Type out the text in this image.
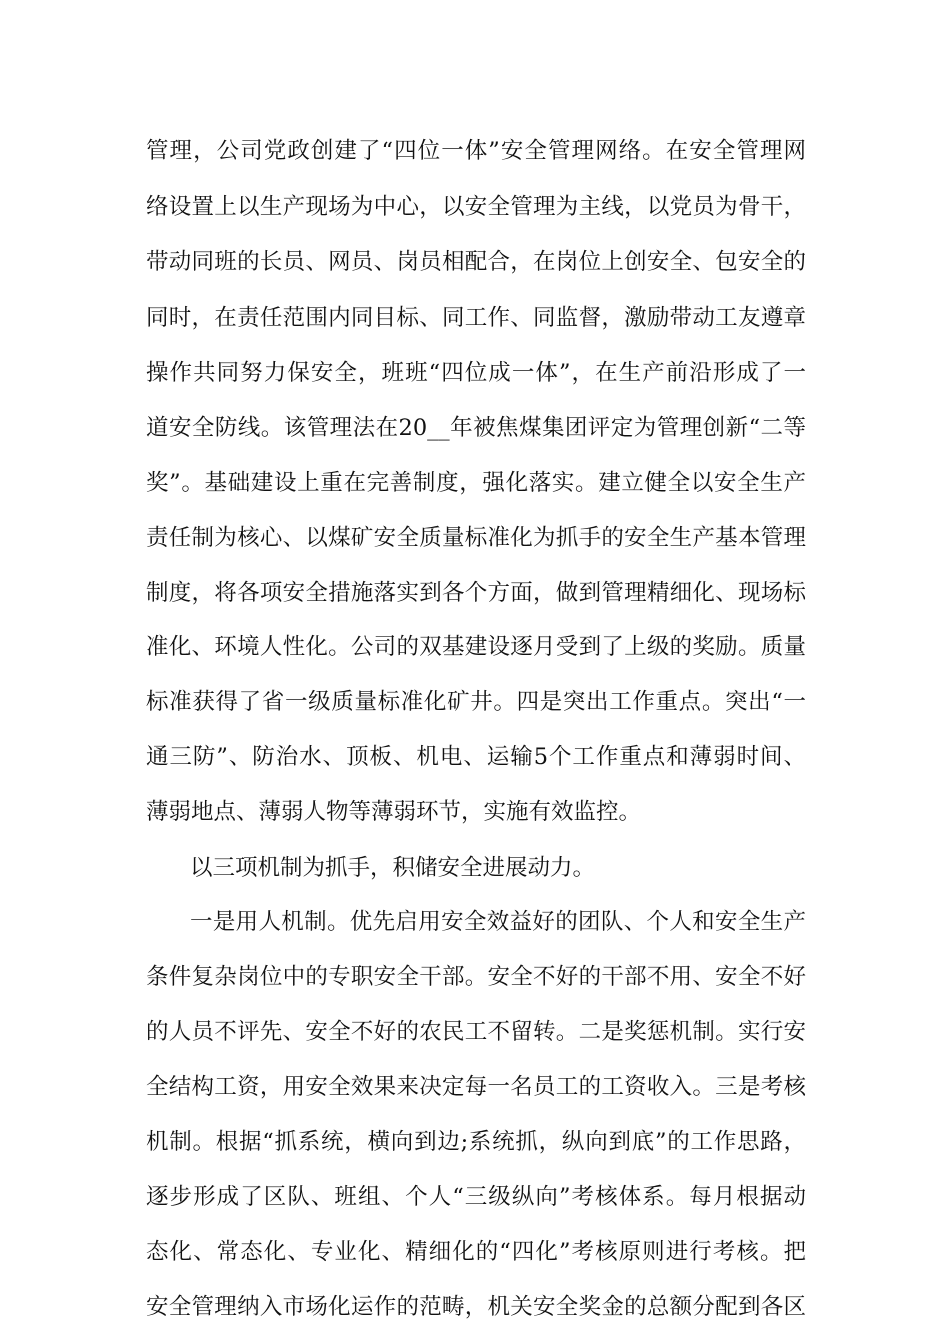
管理，公司党政创建了“四位一体”安全管理网络。在安全管理网
络设置上以生产现场为中心，以安全管理为主线，以党员为骨干，
带动同班的长员、网员、岗员相配合，在岗位上创安全、包安全的
同时，在责任范围内同目标、同工作、同监督，激励带动工友遵章
操作共同努力保安全，班班“四位成一体”，在生产前沿形成了一
道安全防线。该管理法在20__年被焦煤集团评定为管理创新“二等
奖”。基础建设上重在完善制度，强化落实。建立健全以安全生产
责任制为核心、以煤矿安全质量标准化为抓手的安全生产基本管理
制度，将各项安全措施落实到各个方面，做到管理精细化、现场标
准化、环境人性化。公司的双基建设逐月受到了上级的奖励。质量
标准获得了省一级质量标准化矿井。四是突出工作重点。突出“一
通三防”、防治水、顶板、机电、运输5个工作重点和薄弱时间、
薄弱地点、薄弱人物等薄弱环节，实施有效监控。
以三项机制为抓手，积储安全进展动力。
一是用人机制。优先启用安全效益好的团队、个人和安全生产
条件复杂岗位中的专职安全干部。安全不好的干部不用、安全不好
的人员不评先、安全不好的农民工不留转。二是奖惩机制。实行安
全结构工资，用安全效果来决定每一名员工的工资收入。三是考核
机制。根据“抓系统，横向到边;系统抓，纵向到底”的工作思路，
逐步形成了区队、班组、个人“三级纵向”考核体系。每月根据动
态化、常态化、专业化、精细化的“四化”考核原则进行考核。把
安全管理纳入市场化运作的范畴，机关安全奖金的总额分配到各区
